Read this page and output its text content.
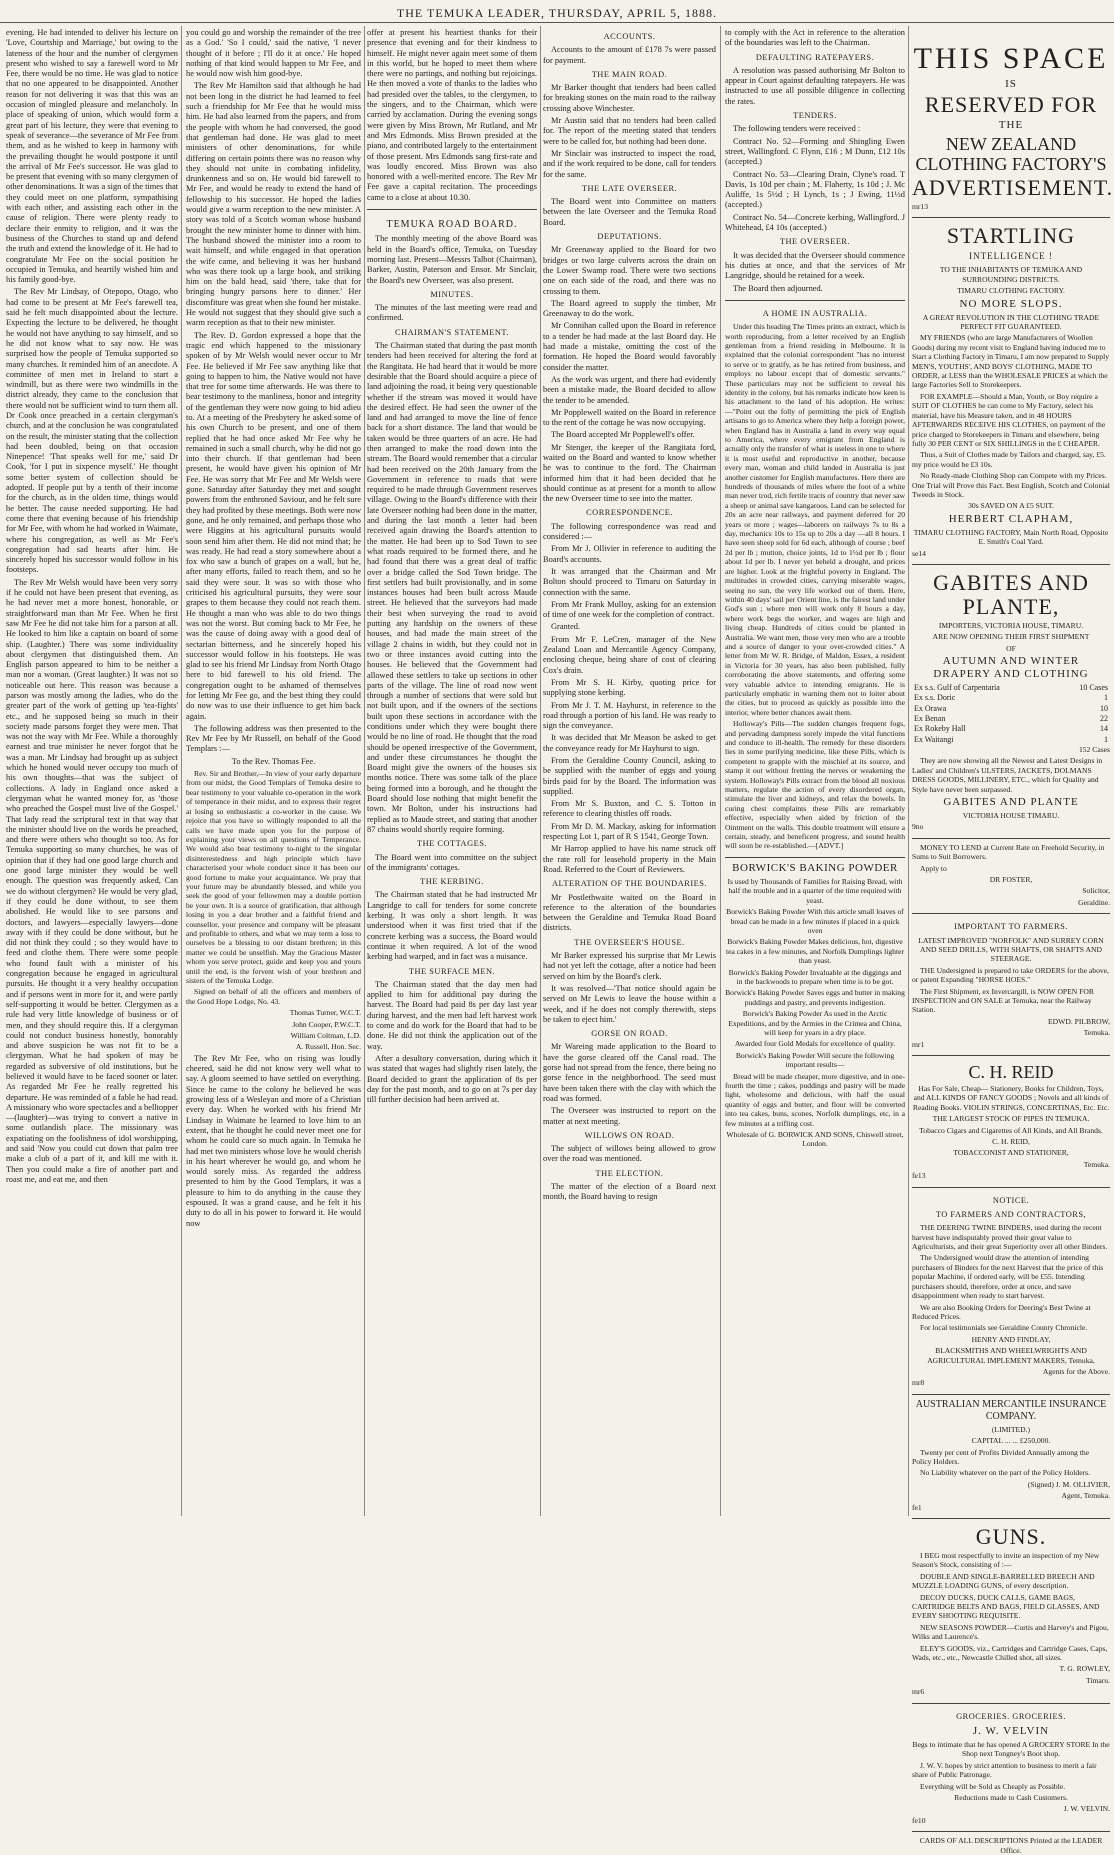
THE TEMUKA LEADER, THURSDAY, APRIL 5, 1888.

evening. He had intended to deliver his lecture on 'Love, Courtship and Marriage,' but owing to the lateness of the hour and the number of clergymen present who wished to say a farewell word to Mr Fee, there would be no time. He was glad to notice that no one appeared to be disappointed. Another reason for not delivering it was that this was an occasion of mingled pleasure and melancholy. In place of speaking of union, which would form a great part of his lecture, they were that evening to speak of severance—the severance of Mr Fee from them, and as he wished to keep in harmony with the prevailing thought he would postpone it until the arrival of Mr Fee's successor. He was glad to be present that evening with so many clergymen of other denominations. It was a sign of the times that they could meet on one platform, sympathising with each other, and assisting each other in the cause of religion. There were plenty ready to declare their enmity to religion, and it was the business of the Churches to stand up and defend the truth and extend the knowledge of it. He had to congratulate Mr Fee on the social position he occupied in Temuka, and heartily wished him and his family good-bye.

The Rev Mr Lindsay, of Otepopo, Otago, who had come to be present at Mr Fee's farewell tea, said he felt much disappointed about the lecture. Expecting the lecture to be delivered, he thought he would not have anything to say himself, and so he did not know what to say now. He was surprised how the people of Temuka supported so many churches. It reminded him of an anecdote. A committee of men met in Ireland to start a windmill, but as there were two windmills in the district already, they came to the conclusion that there would not be sufficient wind to turn them all. Dr Cook once preached in a certain clergyman's church, and at the conclusion he was congratulated on the result, the minister stating that the collection had been doubled, being on that occasion Ninepence! 'That speaks well for me,' said Dr Cook, 'for I put in sixpence myself.' He thought some better system of collection should be adopted. If people put by a tenth of their income for the church, as in the olden time, things would be better. The cause needed supporting. He had come there that evening because of his friendship for Mr Fee, with whom he had worked in Waimate, where his congregation, as well as Mr Fee's congregation had sad hearts after him. He sincerely hoped his successor would follow in his footsteps.

The Rev Mr Welsh would have been very sorry if he could not have been present that evening, as he had never met a more honest, honorable, or straightforward man than Mr Fee. When he first saw Mr Fee he did not take him for a parson at all. He looked to him like a captain on board of some ship. (Laughter.) There was some individuality about clergymen that distinguished them. An English parson appeared to him to be neither a man nor a woman. (Great laughter.) It was not so noticeable out here. This reason was because a parson was mostly among the ladies, who do the greater part of the work of getting up 'tea-fights' etc., and he supposed being so much in their society made parsons forget they were men. That was not the way with Mr Fee. While a thoroughly earnest and true minister he never forgot that he was a man. Mr Lindsay had brought up as subject which he honed would never occupy too much of his own thoughts—that was the subject of collections. A lady in England once asked a clergyman what he wanted money for, as 'those who preached the Gospel must live of the Gospel.' That lady read the scriptural text in that way that the minister should live on the words he preached, and there were others who thought so too. As for Temuka supporting so many churches, he was of opinion that if they had one good large church and one good large minister they would be well enough. The question was frequently asked, Can we do without clergymen? He would be very glad, if they could be done without, to see them abolished. He would like to see parsons and doctors, and lawyers—especially lawyers—done away with if they could be done without, but he did not think they could ; so they would have to feed and clothe them. There were some people who found fault with a minister of his congregation because he engaged in agricultural pursuits. He thought it a very healthy occupation and if persons went in more for it, and were partly self-supporting it would be better. Clergymen as a rule had very little knowledge of business or of men, and they should require this. If a clergyman could not conduct business honestly, honorably and above suspicion he was not fit to be a clergyman. What he had spoken of may be regarded as subversive of old institutions, but he believed it would have to be faced sooner or later. As regarded Mr Fee he really regretted his departure. He was reminded of a fable he had read. A missionary who wore spectacles and a belltopper—(laughter)—was trying to convert a native in some outlandish place. The missionary was expatiating on the foolishness of idol worshipping, and said 'Now you could cut down that palm tree make a club of a part of it, and kill me with it. Then you could make a fire of another part and roast me, and eat me, and then

you could go and worship the remainder of the tree as a God.' 'So I could,' said the native, 'I never thought of it before ; I'll do it at once.' He hoped nothing of that kind would happen to Mr Fee, and he would now wish him good-bye.

The Rev Mr Hamilton said that although he had not been long in the district he had learned to feel such a friendship for Mr Fee that he would miss him. He had also learned from the papers, and from the people with whom he had conversed, the good that gentleman had done. He was glad to meet ministers of other denominations, for while differing on certain points there was no reason why they should not unite in combating infidelity, drunkenness and so on. He would bid farewell to Mr Fee, and would be ready to extend the hand of fellowship to his successor. He hoped the ladies would give a warm reception to the new minister. A story was told of a Scotch woman whose husband brought the new minister home to dinner with him. The husband showed the minister into a room to wait himself, and while engaged in that operation the wife came, and believing it was her husband who was there took up a large book, and striking him on the bald head, said 'there, take that for bringing hungry parsons here to dinner.' Her discomfiture was great when she found her mistake. He would not suggest that they should give such a warm reception as that to their new minister.

The Rev. D. Gordon expressed a hope that the tragic end which happened to the missionary spoken of by Mr Welsh would never occur to Mr Fee. He believed if Mr Fee saw anything like that going to happen to him, the Native would not have that tree for some time afterwards. He was there to bear testimony to the manliness, honor and integrity of the gentleman they were now going to bid adieu to. At a meeting of the Presbytery he asked some of his own Church to be present, and one of them replied that he had once asked Mr Fee why he remained in such a small church, why he did not go into their church. If that gentleman had been present, he would have given his opinion of Mr Fee. He was sorry that Mr Fee and Mr Welsh were gone. Saturday after Saturday they met and sought powers from the enthroned Saviour, and he felt sure they had profited by these meetings. Both were now gone, and he only remained, and perhaps those who were Higgins at his agricultural pursuits would soon send him after them. He did not mind that; he was ready. He had read a story somewhere about a fox who saw a bunch of grapes on a wall, but he, after many efforts, failed to reach them, and so he said they were sour. It was so with those who criticised his agricultural pursuits, they were sour grapes to them because they could not reach them. He thought a man who was able to do two things was not the worst. But coming back to Mr Fee, he was the cause of doing away with a good deal of sectarian bitterness, and he sincerely hoped his successor would follow in his footsteps. He was glad to see his friend Mr Lindsay from North Otago here to bid farewell to his old friend. The congregation ought to be ashamed of themselves for letting Mr Fee go, and the best thing they could do now was to use their influence to get him back again.

The following address was then presented to the Rev Mr Fee by Mr Russell, on behalf of the Good Templars :—

To the Rev. Thomas Fee.

Rev. Sir and Brother,—In view of your early departure from our midst, the Good Templars of Temuka desire to bear testimony to your valuable co-operation in the work of temperance in their midst, and to express their regret at losing so enthusiastic a co-worker in the cause. We rejoice that you have so willingly responded to all the calls we have made upon you for the purpose of explaining your views on all questions of Temperance. We would also bear testimony to-night to the singular disinterestedness and high principle which have characterised your whole conduct since it has been our good fortune to make your acquaintance. We pray that your future may be abundantly blessed, and while you seek the good of your fellowmen may a double portion be your own. It is a source of gratification, that although losing in you a dear brother and a faithful friend and counsellor, your presence and company will be pleasant and profitable to others, and what we may term a loss to ourselves be a blessing to our distant brethren; in this matter we could be unselfish. May the Gracious Master whom you serve protect, guide and keep you and yours until the end, is the fervent wish of your brethren and sisters of the Temuka Lodge.

Signed on behalf of all the officers and members of the Good Hope Lodge, No. 43.

Thomas Turner, W.C.T.

John Cooper, P.W.C.T.

William Coltman, L.D.

A. Russell, Hon. Sec.

The Rev Mr Fee, who on rising was loudly cheered, said he did not know very well what to say. A gloom seemed to have settled on everything. Since he came to the colony he believed he was growing less of a Wesleyan and more of a Christian every day. When he worked with his friend Mr Lindsay in Waimate he learned to love him to an extent, that he thought he could never meet one for whom he could care so much again. In Temuka he had met two ministers whose love he would cherish in his heart wherever he would go, and whom he would sorely miss. As regarded the address presented to him by the Good Templars, it was a pleasure to him to do anything in the cause they espoused. It was a grand cause, and he felt it his duty to do all in his power to forward it. He would now

offer at present his heartiest thanks for their presence that evening and for their kindness to himself. He might never again meet some of them in this world, but he hoped to meet them where there were no partings, and nothing but rejoicings. He then moved a vote of thanks to the ladies who had presided over the tables, to the clergymen, to the singers, and to the Chairman, which were carried by acclamation. During the evening songs were given by Miss Brown, Mr Rutland, and Mr and Mrs Edmonds. Miss Brown presided at the piano, and contributed largely to the entertainment of those present. Mrs Edmonds sang first-rate and was loudly encored. Miss Brown was also honored with a well-merited encore. The Rev Mr Fee gave a capital recitation. The proceedings came to a close at about 10.30.

TEMUKA ROAD BOARD.

The monthly meeting of the above Board was held in the Board's office, Temuka, on Tuesday morning last. Present—Messrs Talbot (Chairman), Barker, Austin, Paterson and Ensor. Mr Sinclair, the Board's new Overseer, was also present.

MINUTES.

The minutes of the last meeting were read and confirmed.

CHAIRMAN'S STATEMENT.

The Chairman stated that during the past month tenders had been received for altering the ford at the Rangitata. He had heard that it would be more desirable that the Board should acquire a piece of land adjoining the road, it being very questionable whether if the stream was moved it would have the desired effect. He had seen the owner of the land and had arranged to move the line of fence back for a short distance. The land that would be taken would be three quarters of an acre. He had then arranged to make the road down into the stream. The Board would remember that a circular had been received on the 20th January from the Government in reference to roads that were required to be made through Government reserves village. Owing to the Board's difference with their late Overseer nothing had been done in the matter, and during the last month a letter had been received again drawing the Board's attention to the matter. He had been up to Sod Town to see what roads required to be formed there, and he had found that there was a great deal of traffic over a bridge called the Sod Town bridge. The first settlers had built provisionally, and in some instances houses had been built across Maude street. He believed that the surveyors had made their best when surveying the road to avoid putting any hardship on the owners of these houses, and had made the main street of the village 2 chains in width, but they could not in two or three instances avoid cutting into the houses. He believed that the Government had allowed these settlers to take up sections in other parts of the village. The line of road now went through a number of sections that were sold but not built upon, and if the owners of the sections built upon these sections in accordance with the conditions under which they were bought there would be no line of road. He thought that the road should be opened irrespective of the Government, and under these circumstances he thought the Board might give the owners of the houses six months notice. There was some talk of the place being formed into a borough, and he thought the Board should lose nothing that might benefit the town. Mr Bolton, under his instructions had replied as to Maude street, and stating that another 87 chains would shortly require forming.

THE COTTAGES.

The Board went into committee on the subject of the immigrants' cottages.

THE KERBING.

The Chairman stated that he had instructed Mr Langridge to call for tenders for some concrete kerbing. It was only a short length. It was understood when it was first tried that if the concrete kerbing was a success, the Board would continue it when required. A lot of the wood kerbing had warped, and in fact was a nuisance.

THE SURFACE MEN.

The Chairman stated that the day men had applied to him for additional pay during the harvest. The Board had paid 8s per day last year during harvest, and the men had left harvest work to come and do work for the Board that had to be done. He did not think the application out of the way.

After a desultory conversation, during which it was stated that wages had slightly risen lately, the Board decided to grant the application of 8s per day for the past month, and to go on at 7s per day till further decision had been arrived at.

ACCOUNTS.

Accounts to the amount of £178 7s were passed for payment.

THE MAIN ROAD.

Mr Barker thought that tenders had been called for breaking stones on the main road to the railway crossing above Winchester.

Mr Austin said that no tenders had been called for. The report of the meeting stated that tenders were to be called for, but nothing had been done.

Mr Sinclair was instructed to inspect the road, and if the work required to be done, call for tenders for the same.

THE LATE OVERSEER.

The Board went into Committee on matters between the late Overseer and the Temuka Road Board.

DEPUTATIONS.

Mr Greenaway applied to the Board for two bridges or two large culverts across the drain on the Lower Swamp road. There were two sections one on each side of the road, and there was no crossing to them.

The Board agreed to supply the timber, Mr Greenaway to do the work.

Mr Connihan called upon the Board in reference to a tender he had made at the last Board day. He had made a mistake, omitting the cost of the formation. He hoped the Board would favorably consider the matter.

As the work was urgent, and there had evidently been a mistake made, the Board decided to allow the tender to be amended.

Mr Popplewell waited on the Board in reference to the rent of the cottage he was now occupying.

The Board accepted Mr Popplewell's offer.

Mr Stenger, the keeper of the Rangitata ford, waited on the Board and wanted to know whether he was to continue to the ford. The Chairman informed him that it had been decided that he should continue as at present for a month to allow the new Overseer time to see into the matter.

CORRESPONDENCE.

The following correspondence was read and considered :—

From Mr J. Ollivier in reference to auditing the Board's accounts.

It was arranged that the Chairman and Mr Bolton should proceed to Timaru on Saturday in connection with the same.

From Mr Frank Mulloy, asking for an extension of time of one week for the completion of contract.

Granted.

From Mr F. LeCren, manager of the New Zealand Loan and Mercantile Agency Company, enclosing cheque, being share of cost of clearing Cox's drain.

From Mr S. H. Kirby, quoting price for supplying stone kerbing.

From Mr J. T. M. Hayhurst, in reference to the road through a portion of his land. He was ready to sign the conveyance.

It was decided that Mr Meason be asked to get the conveyance ready for Mr Hayhurst to sign.

From the Geraldine County Council, asking to be supplied with the number of eggs and young birds paid for by the Board. The information was supplied.

From Mr S. Buxton, and C. S. Totton in reference to clearing thistles off roads.

From Mr D. M. Mackay, asking for information respecting Lot 1, part of R S 1541, George Town.

Mr Harrop applied to have his name struck off the rate roll for leasehold property in the Main Road. Referred to the Court of Reviewers.

ALTERATION OF THE BOUNDARIES.

Mr Postlethwaite waited on the Board in reference to the alteration of the boundaries between the Geraldine and Temuka Road Board districts.

THE OVERSEER'S HOUSE.

Mr Barker expressed his surprise that Mr Lewis had not yet left the cottage, after a notice had been served on him by the Board's clerk.

It was resolved—'That notice should again be served on Mr Lewis to leave the house within a week, and if he does not comply therewith, steps be taken to eject him.'

GORSE ON ROAD.

Mr Wareing made application to the Board to have the gorse cleared off the Canal road. The gorse had not spread from the fence, there being no gorse fence in the neighborhood. The seed must have been taken there with the clay with which the road was formed.

The Overseer was instructed to report on the matter at next meeting.

WILLOWS ON ROAD.

The subject of willows being allowed to grow over the road was mentioned.

THE ELECTION.

The matter of the election of a Board next month, the Board having to resign

to comply with the Act in reference to the alteration of the boundaries was left to the Chairman.

DEFAULTING RATEPAYERS.

A resolution was passed authorising Mr Bolton to appear in Court against defaulting ratepayers. He was instructed to use all possible diligence in collecting the rates.

TENDERS.

The following tenders were received :

Contract No. 52—Forming and Shingling Ewen street, Wallingford. C Flynn, £16 ; M Dunn, £12 10s (accepted.)

Contract No. 53—Clearing Drain, Clyne's road. T Davis, 1s 10d per chain ; M. Flaherty, 1s 10d ; J. Mc Auliffe, 1s 5½d ; H Lynch, 1s ; J Ewing, 11½d (accepted.)

Contract No. 54—Concrete kerbing, Wallingford. J Whitehead, £4 10s (accepted.)

THE OVERSEER.

It was decided that the Overseer should commence his duties at once, and that the services of Mr Langridge, should be retained for a week.

The Board then adjourned.

A HOME IN AUSTRALIA.

Under this heading The Times prints an extract, which is worth reproducing, from a letter received by an English gentleman from a friend residing in Melbourne. It is explained that the colonial correspondent "has no interest to serve or to gratify, as he has retired from business, and employs no labour except that of domestic servants." These particulars may not be sufficient to reveal his identity in the colony, but his remarks indicate how keen is his attachment to the land of his adoption. He writes:—"Point out the folly of permitting the pick of English artisans to go to America where they help a foreign power, when England has in Australia a land in every way equal to America, where every emigrant from England is actually only the transfer of what is useless in one to where it is most useful and reproductive in another, because every man, woman and child landed in Australia is just another customer for English manufactures. Here there are hundreds of thousands of miles where the foot of a white man never trod, rich fertile tracts of country that never saw a sheep or animal save kangaroos. Land can be selected for 20s an acre near railways, and payment deferred for 20 years or more ; wages—laborers on railways 7s to 8s a day, mechanics 10s to 15s up to 20s a day —all 8 hours. I have seen sheep sold for 6d each, although of course ; beef 2d per lb ; mutton, choice joints, 1d to 1½d per lb ; flour about 1d per lb. I never yet beheld a drought, and prices are higher. Look at the frightful poverty in England. The multitudes in crowded cities, carrying miserable wages, seeing no sun, the very life worked out of them. Here, within 40 days' sail per Orient line, is the fairest land under God's sun ; where men will work only 8 hours a day, where work begs the worker, and wages are high and living cheap. Hundreds of cities could be planted in Australia. We want men, those very men who are a trouble and a source of danger to your over-crowded cities." A letter from Mr W. R. Bridge, of Maldon, Essex, a resident in Victoria for 30 years, has also been published, fully corroborating the above statements, and offering some very valuable advice to intending emigrants. He is particularly emphatic in warning them not to loiter about the cities, but to proceed as quickly as possible into the interior, where better chances await them.

Holloway's Pills—The sudden changes frequent fogs, and pervading dampness sorely impede the vital functions and conduce to ill-health. The remedy for these disorders lies in some purifying medicine, like these Pills, which is competent to grapple with the mischief at its source, and stamp it out without fretting the nerves or weakening the system. Holloway's Pills extract from the blood all noxious matters, regulate the action of every disordered organ, stimulate the liver and kidneys, and relax the bowels. In curing chest complaints these Pills are remarkably effective, especially when aided by friction of the Ointment on the walls. This double treatment will ensure a certain, steady, and beneficent progress, and sound health will soon be re-established.—[ADVT.]

BORWICK'S BAKING POWDER

Is used by Thousands of Families for Raising Bread, with half the trouble and in a quarter of the time required with yeast.

Borwick's Baking Powder With this article small loaves of bread can be made in a few minutes if placed in a quick oven

Borwick's Baking Powder Makes delicious, hot, digestive tea cakes in a few minutes, and Norfolk Dumplings lighter than yeast.

Borwick's Baking Powder Invaluable at the diggings and in the backwoods to prepare when time is to be got.

Borwick's Baking Powder Saves eggs and butter in making puddings and pastry, and prevents indigestion.

Borwick's Baking Powder As used in the Arctic Expeditions, and by the Armies in the Crimea and China, will keep for years in a dry place.

Awarded four Gold Medals for excellence of quality.

Borwick's Baking Powder Will secure the following important results—

Bread will be made cheaper, more digestive, and in one-fourth the time ; cakes, puddings and pastry will be made light, wholesome and delicious, with half the usual quantity of eggs and butter, and flour will be converted into tea cakes, buns, scones, Norfolk dumplings, etc, in a few minutes at a trifling cost.

Wholesale of G. BORWICK AND SONS, Chiswell street, London.

THIS SPACE

IS

RESERVED FOR

THE

NEW ZEALAND CLOTHING FACTORY'S

ADVERTISEMENT.

mr13

STARTLING

INTELLIGENCE !

TO THE INHABITANTS OF TEMUKA AND SURROUNDING DISTRICTS.

TIMARU CLOTHING FACTORY.

NO MORE SLOPS.

A GREAT REVOLUTION IN THE CLOTHING TRADE PERFECT FIT GUARANTEED.

MY FRIENDS (who are large Manufacturers of Woollen Goods) during my recent visit to England having induced me to Start a Clothing Factory in Timaru, I am now prepared to Supply MEN'S, YOUTHS', AND BOYS' CLOTHING, MADE TO ORDER, at LESS than the WHOLESALE PRICES at which the large Factories Sell to Storekeepers.

FOR EXAMPLE—Should a Man, Youth, or Boy require a SUIT OF CLOTHES he can come to My Factory, select his material, have his Measure taken, and in 48 HOURS AFTERWARDS RECEIVE HIS CLOTHES, on payment of the price charged to Storekeepers in Timaru and elsewhere, being fully 30 PER CENT or SIX SHILLINGS in the £ CHEAPER.

Thus, a Suit of Clothes made by Tailors and charged, say, £5. my price would be £3 10s.

No Ready-made Clothing Shop can Compete with my Prices. One Trial will Prove this Fact. Best English, Scotch and Colonial Tweeds in Stock.

30s SAVED ON A £5 SUIT.

HERBERT CLAPHAM,

TIMARU CLOTHING FACTORY, Main North Road, Opposite E. Smith's Coal Yard.

se14

GABITES AND PLANTE,

IMPORTERS, VICTORIA HOUSE, TIMARU.

ARE NOW OPENING THEIR FIRST SHIPMENT

OF

AUTUMN AND WINTER DRAPERY AND CLOTHING

Ex s.s. Gulf of Carpentaria	10 Cases
Ex s.s. Doric	1
Ex Orawa	10
Ex Benan	22
Ex Rokeby Hall	14
Ex Waitangi	1

152 Cases

They are now showing all the Newest and Latest Designs in Ladies' and Children's ULSTERS, JACKETS, DOLMANS DRESS GOODS, MILLINERY, ETC., which for Quality and Style have never been surpassed.

GABITES AND PLANTE

VICTORIA HOUSE TIMARU.

9no

MONEY TO LEND at Current Rate on Freehold Security, in Sums to Suit Borrowers.

Apply to

DR FOSTER,

Solicitor,

Geraldine.

IMPORTANT TO FARMERS.

LATEST IMPROVED "NORFOLK" AND SURREY CORN AND SEED DRILLS, WITH SHAFTS, OR SHAFTS AND STEERAGE.

THE Undersigned is prepared to take ORDERS for the above, or patent Expanding "HORSE HOES."

The First Shipment, ex Invercargill, is NOW OPEN FOR INSPECTION and ON SALE at Temuka, near the Railway Station.

EDWD. PILBROW,

Temuka.

mr1

C. H. REID

Has For Sale, Cheap— Stationery, Books for Children, Toys, and ALL KINDS OF FANCY GOODS ; Novels and all kinds of Reading Books. VIOLIN STRINGS, CONCERTINAS, Etc. Etc.

THE LARGEST STOCK OF PIPES IN TEMUKA.

Tobacco Cigars and Cigarettes of All Kinds, and All Brands.

C. H. REID,

TOBACCONIST AND STATIONER,

Temuka.

fe13

NOTICE.

TO FARMERS AND CONTRACTORS,

THE DEERING TWINE BINDERS, used during the recent harvest have indisputably proved their great value to Agriculturists, and their great Superiority over all other Binders.

The Undersigned would draw the attention of intending purchasers of Binders for the next Harvest that the price of this popular Machine, if ordered early, will be £55. Intending purchasers should, therefore, order at once, and save disappointment when ready to start harvest.

We are also Booking Orders for Deering's Best Twine at Reduced Prices.

For local testimonials see Geraldine County Chronicle.

HENRY AND FINDLAY,

BLACKSMITHS AND WHEELWRIGHTS AND AGRICULTURAL IMPLEMENT MAKERS, Temuka,

Agents for the Above.

mr8

AUSTRALIAN MERCANTILE INSURANCE COMPANY.

(LIMITED.)

CAPITAL ... ... £250,000.

Twenty per cent of Profits Divided Annually among the Policy Holders.

No Liability whatever on the part of the Policy Holders.

(Signed) J. M. OLLIVIER,

Agent, Temuka.

fe1

GUNS.

I BEG most respectfully to invite an inspection of my New Season's Stock, consisting of :—

DOUBLE AND SINGLE-BARRELLED BREECH AND MUZZLE LOADING GUNS, of every description.

DECOY DUCKS, DUCK CALLS, GAME BAGS, CARTRIDGE BELTS AND BAGS, FIELD GLASSES, AND EVERY SHOOTING REQUISITE.

NEW SEASONS POWDER—Curtis and Harvey's and Pigou, Wilks and Laurence's.

ELEY'S GOODS, viz., Cartridges and Cartridge Cases, Caps, Wads, etc., etc., Newcastle Chilled shot, all sizes.

T. G. ROWLEY,

Timaru.

mr6

GROCERIES. GROCERIES.

J. W. VELVIN

Begs to intimate that he has opened A GROCERY STORE In the Shop next Tongney's Boot shop.

J. W. V. hopes by strict attention to business to merit a fair share of Public Patronage.

Everything will be Sold as Cheaply as Possible.

Reductions made to Cash Customers.

J. W. VELVIN.

fe10

CARDS OF ALL DESCRIPTIONS Printed at the LEADER Office.
